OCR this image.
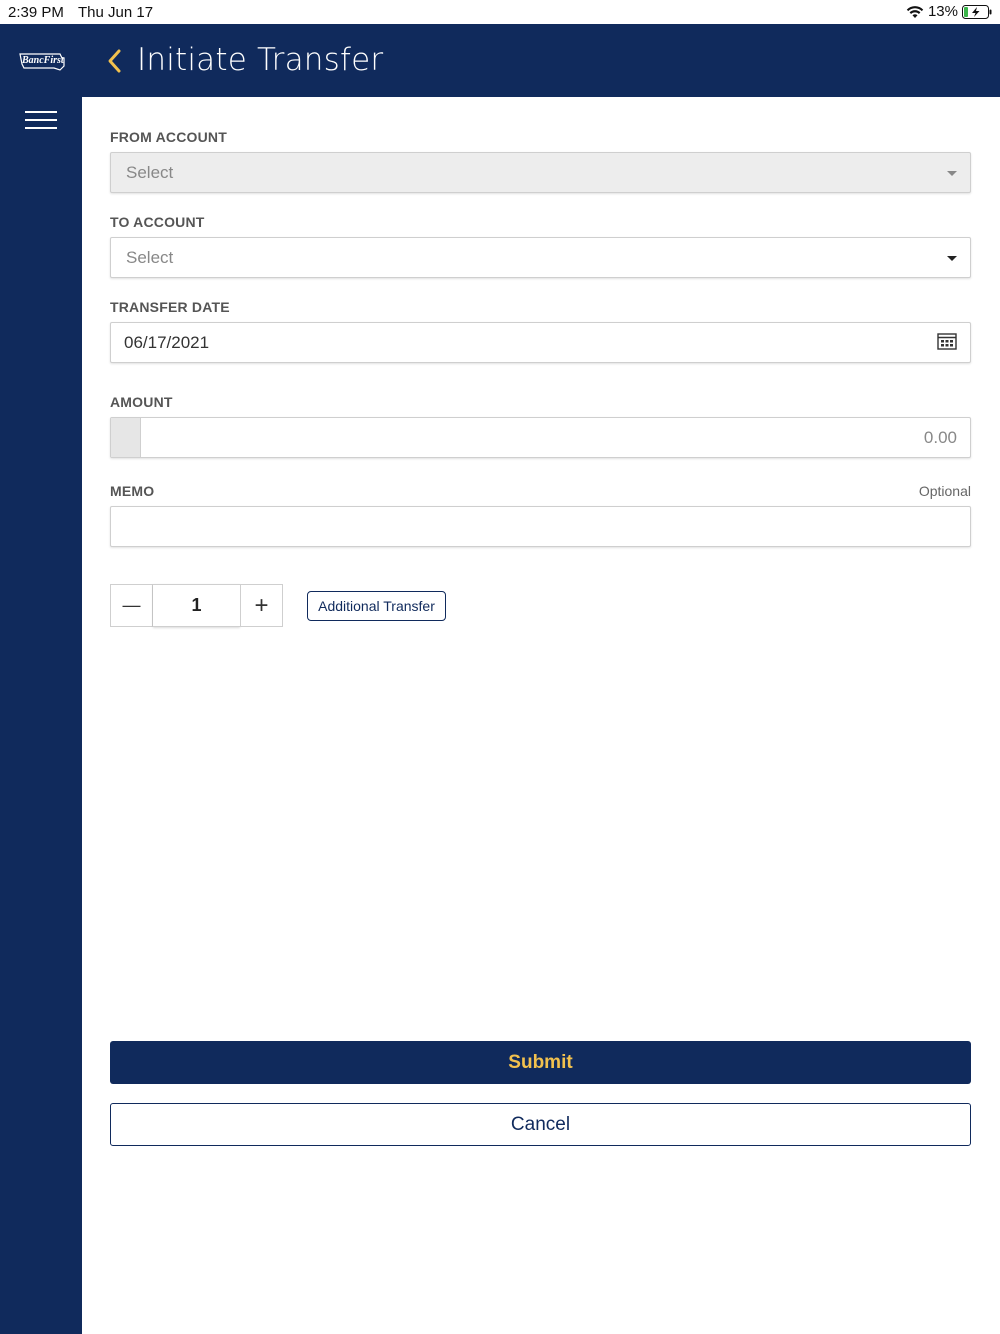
2:39 PM Thu Jun 17	13%
BancFirst Initiate Transfer
FROM ACCOUNT
Select
TO ACCOUNT
Select
TRANSFER DATE
06/17/2021
AMOUNT
0.00
MEMO	Optional
—	1	+	Additional Transfer
Submit
Cancel
